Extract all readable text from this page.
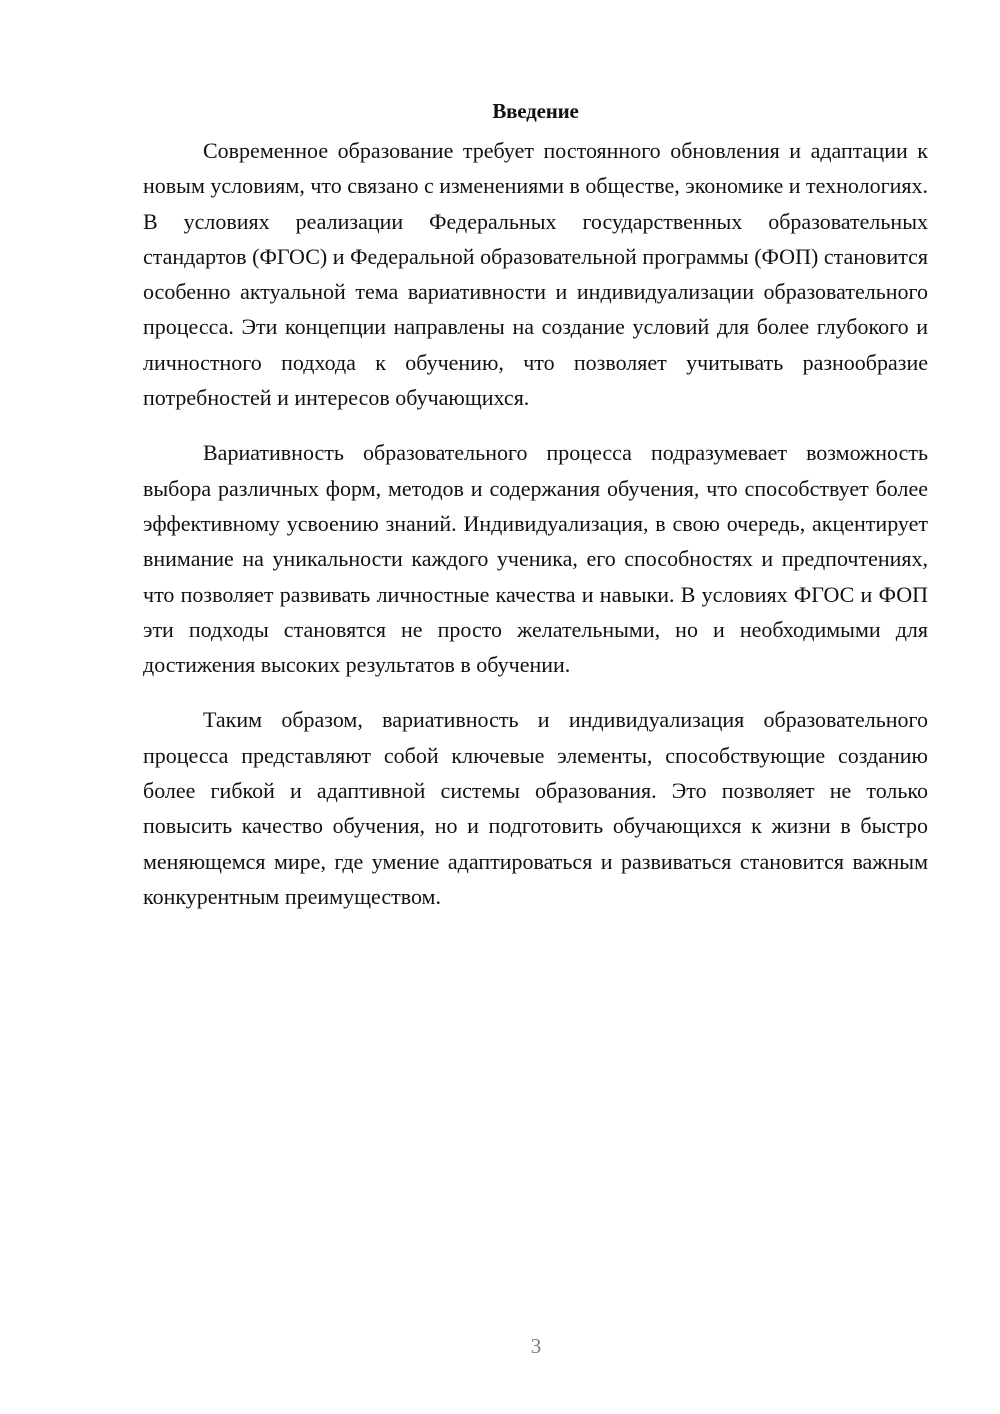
Введение

Современное образование требует постоянного обновления и адаптации к новым условиям, что связано с изменениями в обществе, экономике и технологиях. В условиях реализации Федеральных государственных образовательных стандартов (ФГОС) и Федеральной образовательной программы (ФОП) становится особенно актуальной тема вариативности и индивидуализации образовательного процесса. Эти концепции направлены на создание условий для более глубокого и личностного подхода к обучению, что позволяет учитывать разнообразие потребностей и интересов обучающихся.

Вариативность образовательного процесса подразумевает возможность выбора различных форм, методов и содержания обучения, что способствует более эффективному усвоению знаний. Индивидуализация, в свою очередь, акцентирует внимание на уникальности каждого ученика, его способностях и предпочтениях, что позволяет развивать личностные качества и навыки. В условиях ФГОС и ФОП эти подходы становятся не просто желательными, но и необходимыми для достижения высоких результатов в обучении.

Таким образом, вариативность и индивидуализация образовательного процесса представляют собой ключевые элементы, способствующие созданию более гибкой и адаптивной системы образования. Это позволяет не только повысить качество обучения, но и подготовить обучающихся к жизни в быстро меняющемся мире, где умение адаптироваться и развиваться становится важным конкурентным преимуществом.

3
